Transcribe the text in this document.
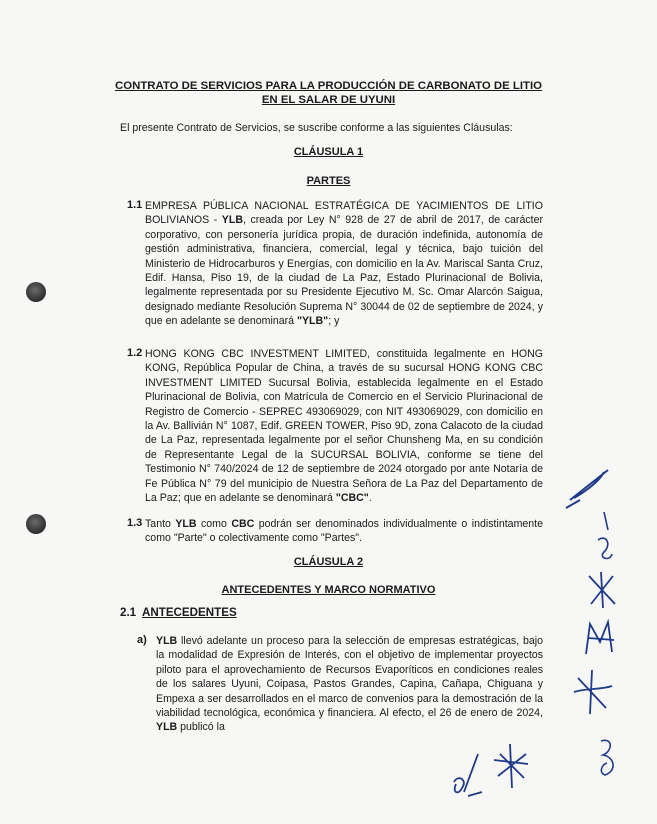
CONTRATO DE SERVICIOS PARA LA PRODUCCIÓN DE CARBONATO DE LITIO EN EL SALAR DE UYUNI
El presente Contrato de Servicios, se suscribe conforme a las siguientes Cláusulas:
CLÁUSULA 1
PARTES
1.1 EMPRESA PÚBLICA NACIONAL ESTRATÉGICA DE YACIMIENTOS DE LITIO BOLIVIANOS - YLB, creada por Ley N° 928 de 27 de abril de 2017, de carácter corporativo, con personería jurídica propia, de duración indefinida, autonomía de gestión administrativa, financiera, comercial, legal y técnica, bajo tuición del Ministerio de Hidrocarburos y Energías, con domicilio en la Av. Mariscal Santa Cruz, Edif. Hansa, Piso 19, de la ciudad de La Paz, Estado Plurinacional de Bolivia, legalmente representada por su Presidente Ejecutivo M. Sc. Omar Alarcón Saigua, designado mediante Resolución Suprema N° 30044 de 02 de septiembre de 2024, y que en adelante se denominará "YLB"; y
1.2 HONG KONG CBC INVESTMENT LIMITED, constituida legalmente en HONG KONG, República Popular de China, a través de su sucursal HONG KONG CBC INVESTMENT LIMITED Sucursal Bolivia, establecida legalmente en el Estado Plurinacional de Bolivia, con Matrícula de Comercio en el Servicio Plurinacional de Registro de Comercio - SEPREC 493069029, con NIT 493069029, con domicilio en la Av. Ballivián N° 1087, Edif. GREEN TOWER, Piso 9D, zona Calacoto de la ciudad de La Paz, representada legalmente por el señor Chunsheng Ma, en su condición de Representante Legal de la SUCURSAL BOLIVIA, conforme se tiene del Testimonio N° 740/2024 de 12 de septiembre de 2024 otorgado por ante Notaría de Fe Pública N° 79 del municipio de Nuestra Señora de La Paz del Departamento de La Paz; que en adelante se denominará "CBC".
1.3 Tanto YLB como CBC podrán ser denominados individualmente o indistintamente como "Parte" o colectivamente como "Partes".
CLÁUSULA 2
ANTECEDENTES Y MARCO NORMATIVO
2.1 ANTECEDENTES
a) YLB llevó adelante un proceso para la selección de empresas estratégicas, bajo la modalidad de Expresión de Interés, con el objetivo de implementar proyectos piloto para el aprovechamiento de Recursos Evaporíticos en condiciones reales de los salares Uyuni, Coipasa, Pastos Grandes, Capina, Cañapa, Chiguana y Empexa a ser desarrollados en el marco de convenios para la demostración de la viabilidad tecnológica, económica y financiera. Al efecto, el 26 de enero de 2024, YLB publicó la
